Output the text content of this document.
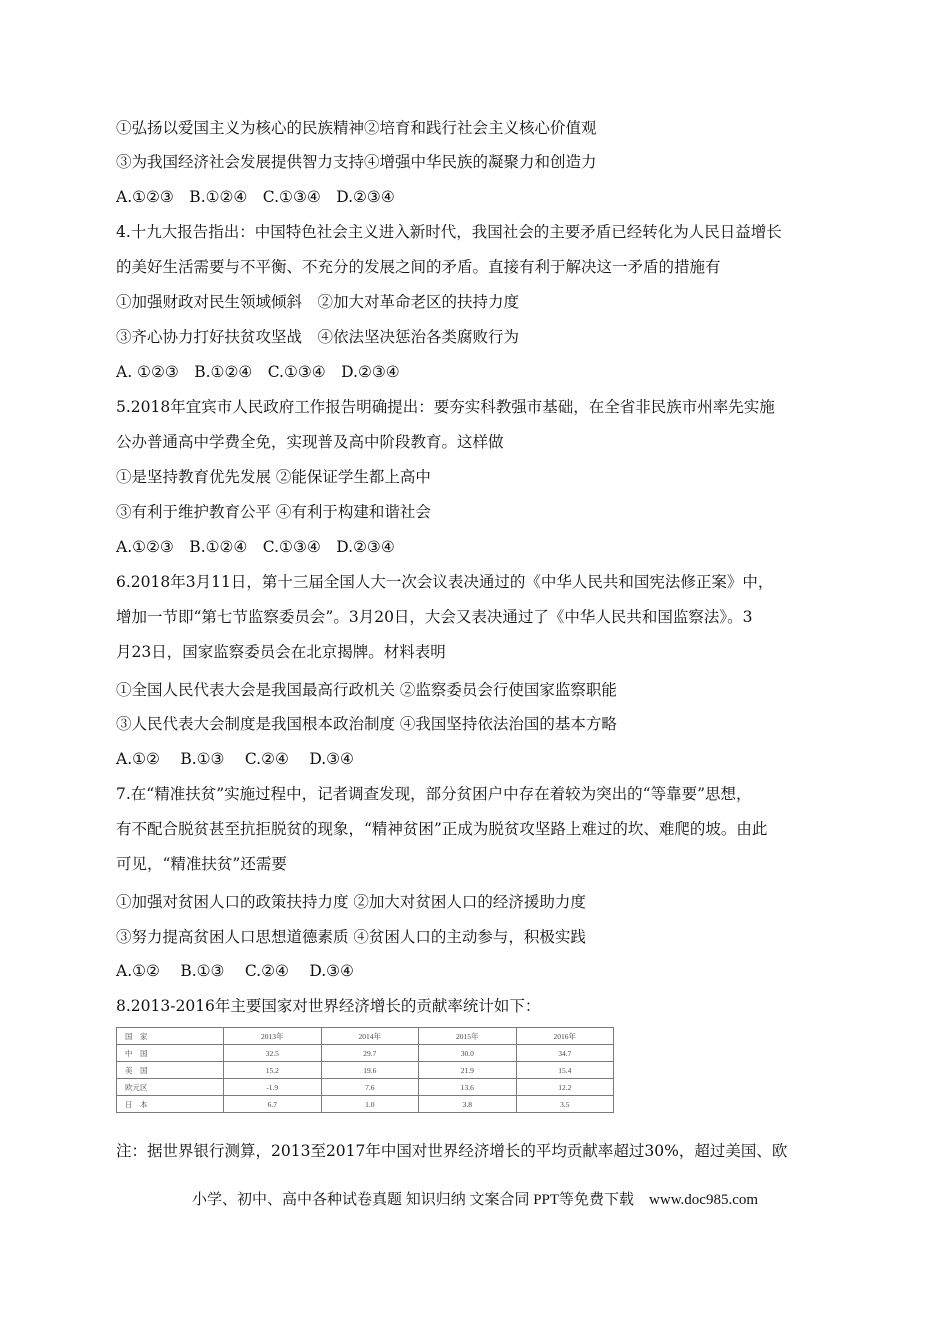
①弘扬以爱国主义为核心的民族精神②培育和践行社会主义核心价值观
③为我国经济社会发展提供智力支持④增强中华民族的凝聚力和创造力
A.①②③　B.①②④　C.①③④　D.②③④
4.十九大报告指出：中国特色社会主义进入新时代，我国社会的主要矛盾已经转化为人民日益增长
的美好生活需要与不平衡、不充分的发展之间的矛盾。直接有利于解决这一矛盾的措施有
①加强财政对民生领域倾斜　②加大对革命老区的扶持力度
③齐心协力打好扶贫攻坚战　④依法坚决惩治各类腐败行为
A. ①②③　B.①②④　C.①③④　D.②③④
5.2018年宜宾市人民政府工作报告明确提出：要夯实科教强市基础，在全省非民族市州率先实施
公办普通高中学费全免，实现普及高中阶段教育。这样做
①是坚持教育优先发展 ②能保证学生都上高中
③有利于维护教育公平 ④有利于构建和谐社会
A.①②③　B.①②④　C.①③④　D.②③④
6.2018年3月11日，第十三届全国人大一次会议表决通过的《中华人民共和国宪法修正案》中，
增加一节即“第七节监察委员会”。3月20日，大会又表决通过了《中华人民共和国监察法》。3
月23日，国家监察委员会在北京揭牌。材料表明
①全国人民代表大会是我国最高行政机关 ②监察委员会行使国家监察职能
③人民代表大会制度是我国根本政治制度 ④我国坚持依法治国的基本方略
A.①②　 B.①③　 C.②④　 D.③④
7.在“精准扶贫”实施过程中，记者调查发现，部分贫困户中存在着较为突出的“等靠要”思想，
有不配合脱贫甚至抗拒脱贫的现象，“精神贫困”正成为脱贫攻坚路上难过的坎、难爬的坡。由此
可见，“精准扶贫”还需要
①加强对贫困人口的政策扶持力度 ②加大对贫困人口的经济援助力度
③努力提高贫困人口思想道德素质 ④贫困人口的主动参与，积极实践
A.①②　 B.①③　 C.②④　 D.③④
8.2013-2016年主要国家对世界经济增长的贡献率统计如下：
注：据世界银行测算，2013至2017年中国对世界经济增长的平均贡献率超过30%，超过美国、欧
国　家	2013年	2014年	2015年	2016年
中　国	32.5	29.7	30.0	34.7
美　国	15.2	19.6	21.9	15.4
欧元区	-1.9	7.6	13.6	12.2
日　本	6.7	1.0	3.8	3.5
小学、初中、高中各种试卷真题 知识归纳 文案合同 PPT等免费下载　www.doc985.com
